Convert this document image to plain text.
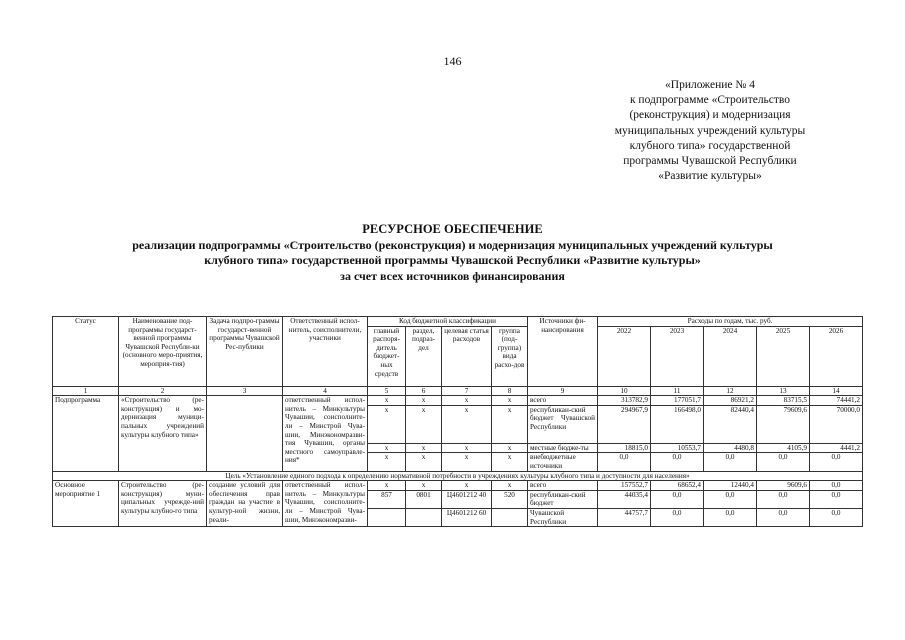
146
«Приложение № 4
к подпрограмме «Строительство
(реконструкция) и модернизация
муниципальных учреждений культуры
клубного типа» государственной
программы Чувашской Республики
«Развитие культуры»
РЕСУРСНОЕ ОБЕСПЕЧЕНИЕ
реализации подпрограммы «Строительство (реконструкция) и модернизация муниципальных учреждений культуры
клубного типа» государственной программы Чувашской Республики «Развитие культуры»
за счет всех источников финансирования
Статус	Наименование под-программы государст-венной программы Чувашской Республи-ки (основного меро-приятия, мероприя-тия)	Задача подпро-граммы государст-венной программы Чувашской Рес-публики	Ответственный испол-нитель, соисполнители, участники	Код бюджетной классификации				Источники фи-нансирования	Расходы по годам, тыс. руб.				
				главный распоря-дитель бюджет-ных средств	раздел, подраз-дел	целевая статья расходов	группа (под-группа) вида расхо-дов		2022	2023	2024	2025	2026
1	2	3	4	5	6	7	8	9	10	11	12	13	14
Подпрограмма	«Строительство (ре-конструкция) и мо-дернизация муници-пальных учреждений культуры клубного типа»		ответственный испол-нитель – Минкультуры Чувашии, соисполните-ли – Минстрой Чува-шии, Минэкономразви-тия Чувашии, органы местного самоуправле-ния*	x	x	x	x	всего	313782,9	177051,7	86921,2	83715,5	74441,2
				x	x	x	x	республикан-ский бюджет Чувашской Республики	294967,9	166498,0	82440,4	79609,6	70000,0
				x	x	x	x	местные бюдже-ты	18815,0	10553,7	4480,8	4105,9	4441,2
				x	x	x	x	внебюджетные источники	0,0	0,0	0,0	0,0	0,0
Цель «Установление единого подхода к определению нормативной потребности в учреждениях культуры клубного типа и доступности для населения»													
Основное мероприятие 1	Строительство (ре-конструкция) муни-ципальных учрежде-ний культуры клубно-го типа	создание условий для обеспечения прав граждан на участие в культур-ной жизни, реали-	ответственный испол-нитель – Минкультуры Чувашии, соисполните-ли – Минстрой Чува-шии, Минэкономразви-	x	x	x	x	всего	157552,7	68652,4	12440,4	9609,6	0,0
				857	0801	Ц4601212 40	520	республикан-ский бюджет	44035,4	0,0	0,0	0,0	0,0
						Ц4601212 60		Чувашской Республики	44757,7	0,0	0,0	0,0	0,0
